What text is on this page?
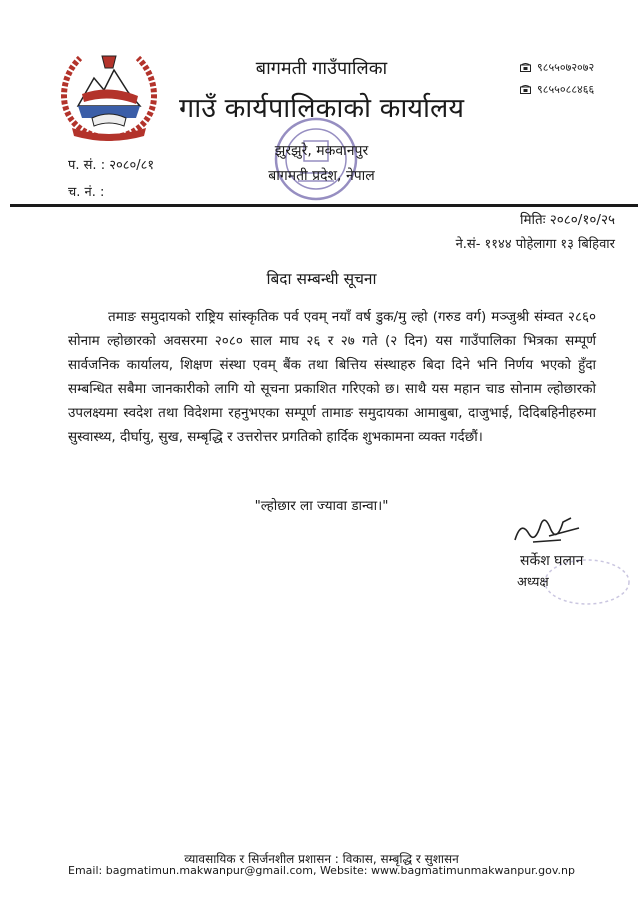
बागमती गाउँपालिका
गाउँ कार्यपालिकाको कार्यालय
झुरझुरे, मकवानपुर
बागमती प्रदेश, नेपाल
९८५५०७२०७२
९८५५०८८४६६
प. सं. : २०८०/८१
च. नं. :
मितिः २०८०/१०/२५
ने.सं- ११४४ पोहेलागा १३ बिहिवार
बिदा सम्बन्धी सूचना

तमाङ समुदायको राष्ट्रिय सांस्कृतिक पर्व एवम् नयाँ वर्ष डुक/मु ल्हो (गरुड वर्ग) मञ्जुश्री संम्वत २८६० सोनाम ल्होछारको अवसरमा २०८० साल माघ २६ र २७ गते (२ दिन) यस गाउँपालिका भित्रका सम्पूर्ण सार्वजनिक कार्यालय, शिक्षण संस्था एवम् बैंक तथा बित्तिय संस्थाहरु बिदा दिने भनि निर्णय भएको हुँदा सम्बन्धित सबैमा जानकारीको लागि यो सूचना प्रकाशित गरिएको छ। साथै यस महान चाड सोनाम ल्होछारको उपलक्ष्यमा स्वदेश तथा विदेशमा रहनुभएका सम्पूर्ण तामाङ समुदायका आमाबुबा, दाजुभाई, दिदिबहिनीहरुमा सुस्वास्थ्य, दीर्घायु, सुख, सम्बृद्धि र उत्तरोत्तर प्रगतिको हार्दिक शुभकामना व्यक्त गर्दछौं।

"ल्होछार ला ज्यावा डान्वा।"
सर्केश घलान
अध्यक्ष
व्यावसायिक र सिर्जनशील प्रशासन : विकास, सम्बृद्धि र सुशासन
Email: bagmatimun.makwanpur@gmail.com, Website: www.bagmatimunmakwanpur.gov.np
